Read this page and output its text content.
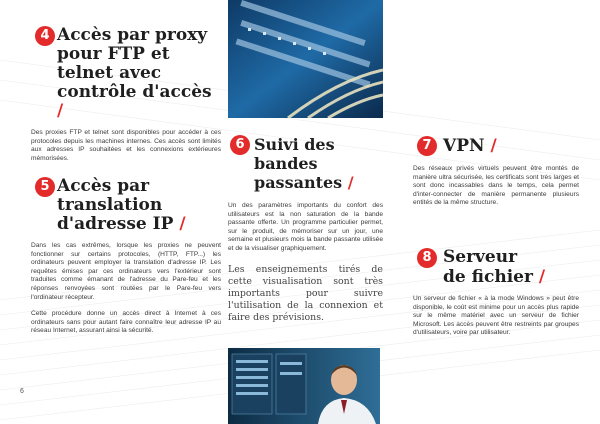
4 Accès par proxy
pour FTP et
telnet avec
contrôle d'accès /

Des proxies FTP et telnet sont disponibles pour accéder à ces protocoles depuis les machines internes. Ces accès sont limités aux adresses IP souhaitées et les connexions extérieures mémorisées.

5 Accès par
translation
d'adresse IP /

Dans les cas extrêmes, lorsque les proxies ne peuvent fonctionner sur certains protocoles, (HTTP, FTP...) les ordinateurs peuvent employer la translation d'adresse IP. Les requêtes émises par ces ordinateurs vers l'extérieur sont traduites comme émanant de l'adresse du Pare-feu et les réponses renvoyées sont routées par le Pare-feu vers l'ordinateur récepteur.

Cette procédure donne un accès direct à Internet à ces ordinateurs sans pour autant faire connaître leur adresse IP au réseau Internet, assurant ainsi la sécurité.

6 Suivi des bandes
passantes /

Un des paramètres importants du confort des utilisateurs est la non saturation de la bande passante offerte. Un programme particulier permet, sur le produit, de mémoriser sur un jour, une semaine et plusieurs mois la bande passante utilisée et de la visualiser graphiquement.

Les enseignements tirés de cette visualisation sont très importants pour suivre l'utilisation de la connexion et faire des prévisions.

7 VPN /

Des réseaux privés virtuels peuvent être montés de manière ultra sécurisée, les certificats sont très larges et sont donc incassables dans le temps, cela permet d'inter-connecter de manière permanente plusieurs entités de la même structure.

8 Serveur
de fichier /

Un serveur de fichier « à la mode Windows » peut être disponible, le coût est minime pour un accès plus rapide sur le même matériel avec un serveur de fichier Microsoft. Les accès peuvent être restreints par groupes d'utilisateurs, voire par utilisateur.

6
